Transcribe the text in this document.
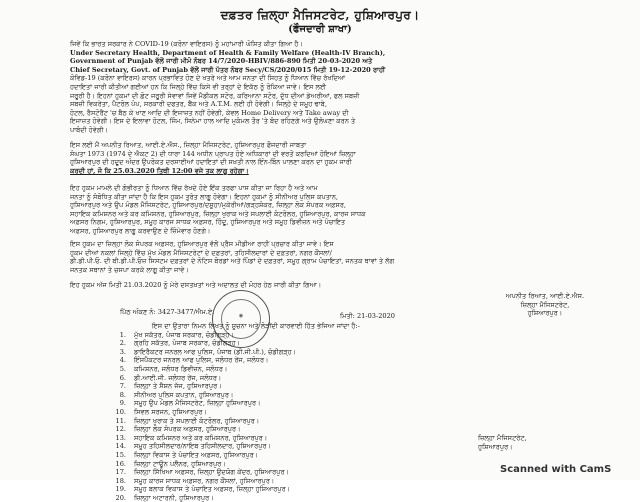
ਦਫ਼ਤਰ ਜ਼ਿਲ੍ਹਾ ਮੈਜਿਸਟਰੇਟ, ਹੁਸ਼ਿਆਰਪੁਰ।
(ਫੌਜਦਾਰੀ ਸ਼ਾਖਾ)

ਜਿਵੇਂ ਕਿ ਭਾਰਤ ਸਰਕਾਰ ਨੇ COVID-19 (ਕਰੋਨਾ ਵਾਇਰਸ) ਨੂੰ ਮਹਾਂਮਾਰੀ ਘੋਸ਼ਿਤ ਕੀਤਾ ਗਿਆ ਹੈ।

Under Secretary Health, Department of Health & Family Welfare (Health-IV Branch),

Government of Punjab ਵੱਲੋਂ ਜਾਰੀ ਮੀਮੋ ਨੰਬਰ 14/7/2020-HBIV/886-890 ਮਿਤੀ 20-03-2020 ਅਤੇ

Chief Secretary, Govt. of Punjab ਵੱਲੋਂ ਜਾਰੀ ਪੱਤਰ ਨੰਬਰ Secy/CS/2020/015 ਮਿਤੀ 19-12-2020 ਰਾਹੀਂ

ਕੋਵਿਡ-19 (ਕਰੋਨਾ ਵਾਇਰਸ) ਕਾਰਨ ਪ੍ਰਭਾਵਿਤ ਹੋਣ ਦੇ ਖਤਰੇ ਅਤੇ ਆਮ ਜਨਤਾ ਦੀ ਸਿਹਤ ਨੂੰ ਧਿਆਨ ਵਿੱਚ ਰੱਖਦਿਆਂ

ਹਦਾਇਤਾਂ ਜਾਰੀ ਕੀਤੀਆਂ ਗਈਆਂ ਹਨ ਕਿ ਜਿਲ੍ਹੇ ਵਿੱਚ ਕਿਸੇ ਵੀ ਤਰ੍ਹਾਂ ਦੇ ਇਕੱਠ ਨੂੰ ਰੋਕਿਆ ਜਾਵੇ। ਇਸ ਲਈ

ਜਰੂਰੀ ਹੈ। ਇਹਨਾਂ ਹੁਕਮਾਂ ਦੀ ਛੋਟ ਜਰੂਰੀ ਸੇਵਾਵਾਂ ਜਿਵੇਂ ਮੈਡੀਕਲ ਸਟੋਰ, ਕਰਿਆਨਾ ਸਟੋਰ, ਦੁੱਧ ਦੀਆਂ ਡੇਅਰੀਆਂ, ਫਲ ਸਬਜ਼ੀ

ਸਬਜ਼ੀ ਵਿਕਰੇਤਾ, ਪੈਟਰੋਲ ਪੰਪ, ਸਰਕਾਰੀ ਦਫਤਰ, ਬੈਂਕ ਅਤੇ A.T.M. ਲਈ ਹੀ ਹੋਵੇਗੀ। ਜਿਲ੍ਹੇ ਦੇ ਸਮੂਹ ਢਾਬੇ,

ਹੋਟਲ, ਰੈਸਟੋਰੈਂਟ 'ਚ ਬੈਠ ਕੇ ਖਾਣ ਆਦਿ ਦੀ ਇਜਾਜ਼ਤ ਨਹੀਂ ਹੋਵੇਗੀ, ਕੇਵਲ Home Delivery ਅਤੇ Take away ਦੀ

ਇਜਾਜ਼ਤ ਹੋਵੇਗੀ। ਇਸ ਦੇ ਇਲਾਵਾ ਹੋਟਲ, ਜਿੰਮ, ਸਿਨੇਮਾ ਹਾਲ ਆਦਿ ਮੁਕੰਮਲ ਤੌਰ 'ਤੇ ਬੰਦ ਰਹਿਣਗੇ ਅਤੇ ਉਲੰਘਣਾ ਕਰਨ ਤੇ

ਪਾਬੰਦੀ ਹੋਵੇਗੀ।

ਇਸ ਲਈ ਮੈਂ ਅਪਨੀਤ ਰਿਆਤ, ਆਈ.ਏ.ਐਸ., ਜ਼ਿਲ੍ਹਾ ਮੈਜਿਸਟਰੇਟ, ਹੁਸ਼ਿਆਰਪੁਰ ਫੌਜਦਾਰੀ ਜਾਬਤਾ

ਸੰਘਤਾ 1973 (1974 ਦੇ ਐਕਟ 2) ਦੀ ਧਾਰਾ 144 ਅਧੀਨ ਪ੍ਰਾਪਤ ਹੋਏ ਅਧਿਕਾਰਾਂ ਦੀ ਵਰਤੋਂ ਕਰਦਿਆਂ ਹੋਇਆਂ ਜ਼ਿਲ੍ਹਾ

ਹੁਸ਼ਿਆਰਪੁਰ ਦੀ ਹਦੂਦ ਅੰਦਰ ਉਪਰੋਕਤ ਦਰਸਾਈਆਂ ਹਦਾਇਤਾਂ ਦੀ ਸਖ਼ਤੀ ਨਾਲ ਇੰਨ-ਬਿੰਨ ਪਾਲਣਾ ਕਰਨ ਦਾ ਹੁਕਮ ਜਾਰੀ

ਕਰਦੀ ਹਾਂ, ਜੋ ਕਿ 25.03.2020 ਤਿਥੀ 12:00 ਵਜੇ ਤਕ ਲਾਗੂ ਰਹੇਗਾ।

ਇਹ ਹੁਕਮ ਮਾਮਲੇ ਦੀ ਗੰਭੀਰਤਾ ਨੂੰ ਧਿਆਨ ਵਿੱਚ ਰੱਖਦੇ ਹੋਏ ਇੱਕ ਤਰਫਾ ਪਾਸ ਕੀਤਾ ਜਾ ਰਿਹਾ ਹੈ ਅਤੇ ਆਮ

ਜਨਤਾ ਨੂੰ ਸੰਬੋਧਿਤ ਕੀਤਾ ਜਾਂਦਾ ਹੈ ਕਿ ਇਸ ਹੁਕਮ ਤੁਰੰਤ ਲਾਗੂ ਹੋਵੇਗਾ। ਇਹਨਾਂ ਹੁਕਮਾਂ ਨੂੰ ਸੀਨੀਅਰ ਪੁਲਿਸ ਕਪਤਾਨ,

ਹੁਸ਼ਿਆਰਪੁਰ ਅਤੇ ਉਪ ਮੰਡਲ ਮੈਜਿਸਟਰੇਟ, ਹੁਸ਼ਿਆਰਪੁਰ/ਦਸੂਹਾ/ਮੁਕੇਰੀਆਂ/ਗੜ੍ਹਸ਼ੰਕਰ, ਜ਼ਿਲ੍ਹਾ ਲੋਕ ਸੰਪਰਕ ਅਫ਼ਸਰ,

ਸਹਾਇਕ ਕਮਿਸ਼ਨਰ ਅਤੇ ਕਰ ਕਮਿਸ਼ਨਰ, ਹੁਸ਼ਿਆਰਪੁਰ, ਜ਼ਿਲ੍ਹਾ ਖੁਰਾਕ ਅਤੇ ਸਪਲਾਈ ਕੰਟਰੋਲਰ, ਹੁਸ਼ਿਆਰਪੁਰ, ਕਾਰਜ ਸਾਧਕ

ਅਫ਼ਸਰ ਨਿਗਮ, ਹੁਸ਼ਿਆਰਪੁਰ, ਸਮੂਹ ਕਾਰਜ ਸਾਧਕ ਅਫ਼ਸਰ, ਹਿੰਦੂ, ਹੁਸ਼ਿਆਰਪੁਰ ਅਤੇ ਸਮੂਹ ਡਿਵੀਜ਼ਨ ਅਤੇ ਪੰਚਾਇਤ

ਅਫ਼ਸਰ, ਹੁਸ਼ਿਆਰਪੁਰ ਲਾਗੂ ਕਰਵਾਉਣ ਦੇ ਜ਼ਿੰਮੇਵਾਰ ਹੋਣਗੇ।

ਇਸ ਹੁਕਮ ਦਾ ਜ਼ਿਲ੍ਹਾ ਲੋਕ ਸੰਪਰਕ ਅਫ਼ਸਰ, ਹੁਸ਼ਿਆਰਪੁਰ ਵੱਲੋਂ ਪ੍ਰੈਸ ਮੀਡੀਆ ਰਾਹੀਂ ਪ੍ਰਚਾਰ ਕੀਤਾ ਜਾਵੇ। ਇਸ

ਹੁਕਮ ਦੀਆਂ ਨਕਲਾਂ ਜਿਲ੍ਹੇ ਵਿੱਚ ਮੁੱਖ ਮੰਡਲ ਮੈਜਿਸਟਰੇਟਾਂ ਦੇ ਦਫ਼ਤਰਾਂ, ਤਹਿਸੀਲਦਾਰਾਂ ਦੇ ਦਫ਼ਤਰਾਂ, ਨਗਰ ਕੌਂਸਲਾਂ/

ਡੀ.ਡੀ.ਪੀ.ਓ. ਦੀ ਬੀ.ਡੀ.ਪੀ.ਓਜ਼ ਸਿਸਟਮ ਦਫ਼ਤਰਾਂ ਦੇ ਨੋਟਿਸ ਬੋਰਡਾਂ ਅਤੇ ਪਿੰਡਾਂ ਦੇ ਦਫ਼ਤਰਾਂ, ਸਮੂਹ ਗ੍ਰਾਮ ਪੰਚਾਇਤਾਂ, ਜਨਤਕ ਥਾਵਾਂ ਤੇ ਲੱਗ

ਜਨਤਕ ਸਥਾਨਾਂ ਤੇ ਚਸਪਾ ਕਰਕੇ ਲਾਗੂ ਕੀਤਾ ਜਾਵੇ।

ਇਹ ਹੁਕਮ ਅੱਜ ਮਿਤੀ 21.03.2020 ਨੂੰ ਮੇਰੇ ਦਸਤਖ਼ਤਾਂ ਅਤੇ ਅਦਾਲਤ ਦੀ ਮੋਹਰ ਹੇਠ ਜਾਰੀ ਕੀਤਾ ਗਿਆ।
◉
ਅਪਨੀਤ ਰਿਆਤ, ਆਈ.ਏ.ਐਸ.
ਜ਼ਿਲ੍ਹਾ ਮੈਜਿਸਟਰੇਟ,
ਹੁਸ਼ਿਆਰਪੁਰ।
ਪਿੱਠ ਅੰਕਣ ਨੰ: 3427-3477/ਐਮ.ਏ.	ਮਿਤੀ: 21-03-2020
ਇਸ ਦਾ ਉਤਾਰਾ ਨਿਮਨ ਲਿਖਤ ਨੂੰ ਸੂਚਨਾ ਅਤੇ ਲੋੜੀਂਦੀ ਕਾਰਵਾਈ ਹਿੱਤ ਭੇਜਿਆ ਜਾਂਦਾ ਹੈ:-
1. ਮੁੱਖ ਸਕੱਤਰ, ਪੰਜਾਬ ਸਰਕਾਰ, ਚੰਡੀਗੜ੍ਹ।
2. ਗ੍ਰਹਿ ਸਕੱਤਰ, ਪੰਜਾਬ ਸਰਕਾਰ, ਚੰਡੀਗੜ੍ਹ।
3. ਡਾਇਰੈਕਟਰ ਜਨਰਲ ਆਫ ਪੁਲਿਸ, ਪੰਜਾਬ (ਡੀ.ਜੀ.ਪੀ.), ਚੰਡੀਗੜ੍ਹ।
4. ਇੰਸਪੈਕਟਰ ਜਨਰਲ ਆਫ ਪੁਲਿਸ, ਜਲੰਧਰ ਰੇਂਜ, ਜਲੰਧਰ।
5. ਕਮਿਸ਼ਨਰ, ਜਲੰਧਰ ਡਿਵੀਜ਼ਨ, ਜਲੰਧਰ।
6. ਡੀ.ਆਈ.ਜੀ. ਜਲੰਧਰ ਰੇਂਜ, ਜਲੰਧਰ।
7. ਜ਼ਿਲ੍ਹਾ ਤੇ ਸੈਸ਼ਨ ਜੱਜ, ਹੁਸ਼ਿਆਰਪੁਰ।
8. ਸੀਨੀਅਰ ਪੁਲਿਸ ਕਪਤਾਨ, ਹੁਸ਼ਿਆਰਪੁਰ।
9. ਸਮੂਹ ਉਪ ਮੰਡਲ ਮੈਜਿਸਟਰੇਟ, ਜ਼ਿਲ੍ਹਾ ਹੁਸ਼ਿਆਰਪੁਰ।
10. ਸਿਵਲ ਸਰਜਨ, ਹੁਸ਼ਿਆਰਪੁਰ।
11. ਜ਼ਿਲ੍ਹਾ ਖੁਰਾਕ ਤੇ ਸਪਲਾਈ ਕੰਟਰੋਲਰ, ਹੁਸ਼ਿਆਰਪੁਰ।
12. ਜ਼ਿਲ੍ਹਾ ਲੋਕ ਸੰਪਰਕ ਅਫ਼ਸਰ, ਹੁਸ਼ਿਆਰਪੁਰ।
13. ਸਹਾਇਕ ਕਮਿਸ਼ਨਰ ਅਤੇ ਕਰ ਕਮਿਸ਼ਨਰ, ਹੁਸ਼ਿਆਰਪੁਰ।
14. ਸਮੂਹ ਤਹਿਸੀਲਦਾਰ/ਨਾਇਬ ਤਹਿਸੀਲਦਾਰ, ਹੁਸ਼ਿਆਰਪੁਰ।
15. ਜ਼ਿਲ੍ਹਾ ਵਿਕਾਸ ਤੇ ਪੰਚਾਇਤ ਅਫ਼ਸਰ, ਹੁਸ਼ਿਆਰਪੁਰ।
16. ਜ਼ਿਲ੍ਹਾ ਟਾਊਨ ਪਲੈਨਰ, ਹੁਸ਼ਿਆਰਪੁਰ।
17. ਜ਼ਿਲ੍ਹਾ ਸਿੱਖਿਆ ਅਫ਼ਸਰ, ਜ਼ਿਲ੍ਹਾ ਉਦਯੋਗ ਕੇਂਦਰ, ਹੁਸ਼ਿਆਰਪੁਰ।
18. ਸਮੂਹ ਕਾਰਜ ਸਾਧਕ ਅਫ਼ਸਰ, ਨਗਰ ਕੌਂਸਲਾਂ, ਹੁਸ਼ਿਆਰਪੁਰ।
19. ਸਮੂਹ ਬਲਾਕ ਵਿਕਾਸ ਤੇ ਪੰਚਾਇਤ ਅਫ਼ਸਰ, ਜ਼ਿਲ੍ਹਾ ਹੁਸ਼ਿਆਰਪੁਰ।
20. ਜ਼ਿਲ੍ਹਾ ਅਟਾਰਨੀ, ਹੁਸ਼ਿਆਰਪੁਰ।
ਜ਼ਿਲ੍ਹਾ ਮੈਜਿਸਟਰੇਟ,
ਹੁਸ਼ਿਆਰਪੁਰ।
Scanned with CamS
